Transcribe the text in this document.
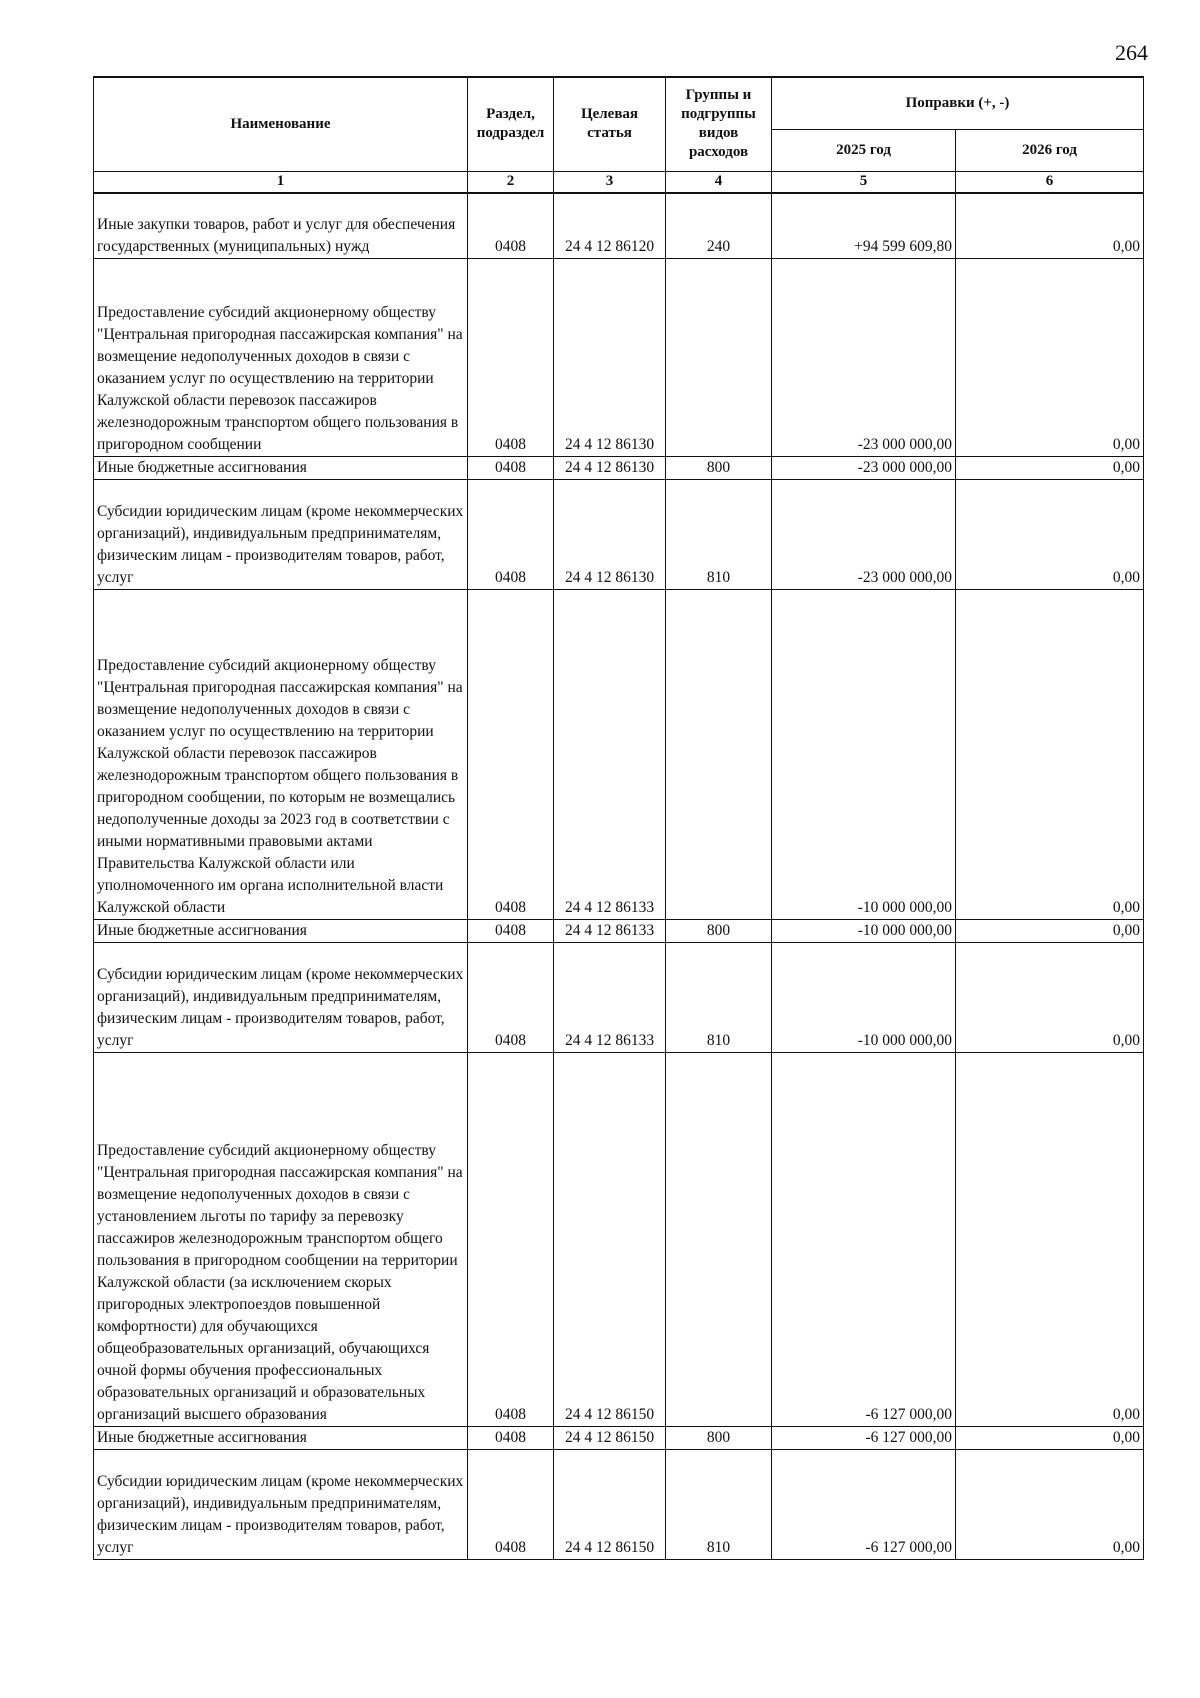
264
Наименование	Раздел, подраздел	Целевая статья	Группы и подгруппы видов расходов	Поправки (+, -)	
				2025 год	2026 год
1	2	3	4	5	6
Иные закупки товаров, работ и услуг для обеспечения государственных (муниципальных) нужд	0408	24 4 12 86120	240	+94 599 609,80	0,00
Предоставление субсидий акционерному обществу "Центральная пригородная пассажирская компания" на возмещение недополученных доходов в связи с оказанием услуг по осуществлению на территории Калужской области перевозок пассажиров железнодорожным транспортом общего пользования в пригородном сообщении	0408	24 4 12 86130		-23 000 000,00	0,00
Иные бюджетные ассигнования	0408	24 4 12 86130	800	-23 000 000,00	0,00
Субсидии юридическим лицам (кроме некоммерческих организаций), индивидуальным предпринимателям, физическим лицам - производителям товаров, работ, услуг	0408	24 4 12 86130	810	-23 000 000,00	0,00
Предоставление субсидий акционерному обществу "Центральная пригородная пассажирская компания" на возмещение недополученных доходов в связи с оказанием услуг по осуществлению на территории Калужской области перевозок пассажиров железнодорожным транспортом общего пользования в пригородном сообщении, по которым не возмещались недополученные доходы за 2023 год в соответствии с иными нормативными правовыми актами Правительства Калужской области или уполномоченного им органа исполнительной власти Калужской области	0408	24 4 12 86133		-10 000 000,00	0,00
Иные бюджетные ассигнования	0408	24 4 12 86133	800	-10 000 000,00	0,00
Субсидии юридическим лицам (кроме некоммерческих организаций), индивидуальным предпринимателям, физическим лицам - производителям товаров, работ, услуг	0408	24 4 12 86133	810	-10 000 000,00	0,00
Предоставление субсидий акционерному обществу "Центральная пригородная пассажирская компания" на возмещение недополученных доходов в связи с установлением льготы по тарифу за перевозку пассажиров железнодорожным транспортом общего пользования в пригородном сообщении на территории Калужской области (за исключением скорых пригородных электропоездов повышенной комфортности) для обучающихся общеобразовательных организаций, обучающихся очной формы обучения профессиональных образовательных организаций и образовательных организаций высшего образования	0408	24 4 12 86150		-6 127 000,00	0,00
Иные бюджетные ассигнования	0408	24 4 12 86150	800	-6 127 000,00	0,00
Субсидии юридическим лицам (кроме некоммерческих организаций), индивидуальным предпринимателям, физическим лицам - производителям товаров, работ, услуг	0408	24 4 12 86150	810	-6 127 000,00	0,00
